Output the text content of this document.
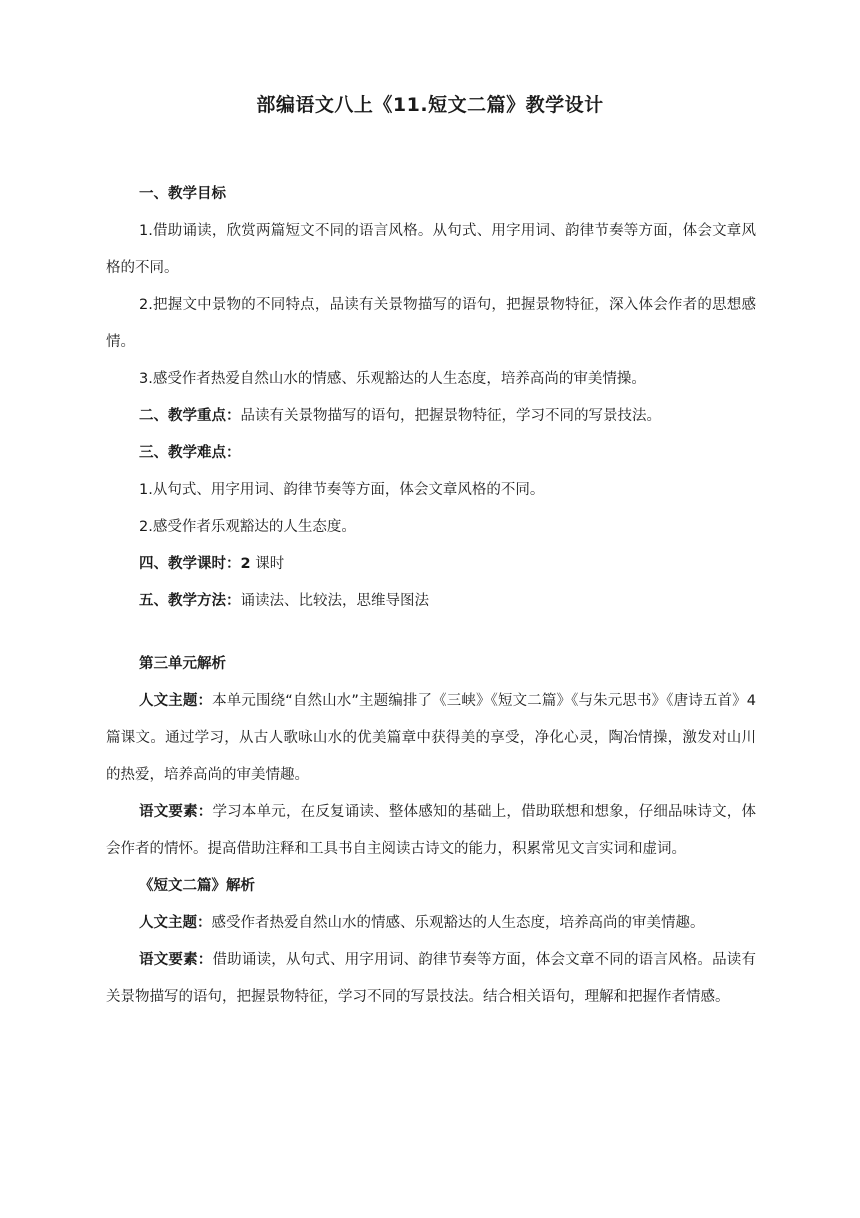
部编语文八上《11.短文二篇》教学设计

一、教学目标

1.借助诵读，欣赏两篇短文不同的语言风格。从句式、用字用词、韵律节奏等方面，体会文章风格的不同。

2.把握文中景物的不同特点，品读有关景物描写的语句，把握景物特征，深入体会作者的思想感情。

3.感受作者热爱自然山水的情感、乐观豁达的人生态度，培养高尚的审美情操。

二、教学重点：品读有关景物描写的语句，把握景物特征，学习不同的写景技法。

三、教学难点：

1.从句式、用字用词、韵律节奏等方面，体会文章风格的不同。

2.感受作者乐观豁达的人生态度。

四、教学课时：2 课时

五、教学方法：诵读法、比较法，思维导图法

第三单元解析

人文主题：本单元围绕“自然山水”主题编排了《三峡》《短文二篇》《与朱元思书》《唐诗五首》4 篇课文。通过学习，从古人歌咏山水的优美篇章中获得美的享受，净化心灵，陶冶情操，激发对山川的热爱，培养高尚的审美情趣。

语文要素：学习本单元，在反复诵读、整体感知的基础上，借助联想和想象，仔细品味诗文，体会作者的情怀。提高借助注释和工具书自主阅读古诗文的能力，积累常见文言实词和虚词。

《短文二篇》解析

人文主题：感受作者热爱自然山水的情感、乐观豁达的人生态度，培养高尚的审美情趣。

语文要素：借助诵读，从句式、用字用词、韵律节奏等方面，体会文章不同的语言风格。品读有关景物描写的语句，把握景物特征，学习不同的写景技法。结合相关语句，理解和把握作者情感。
